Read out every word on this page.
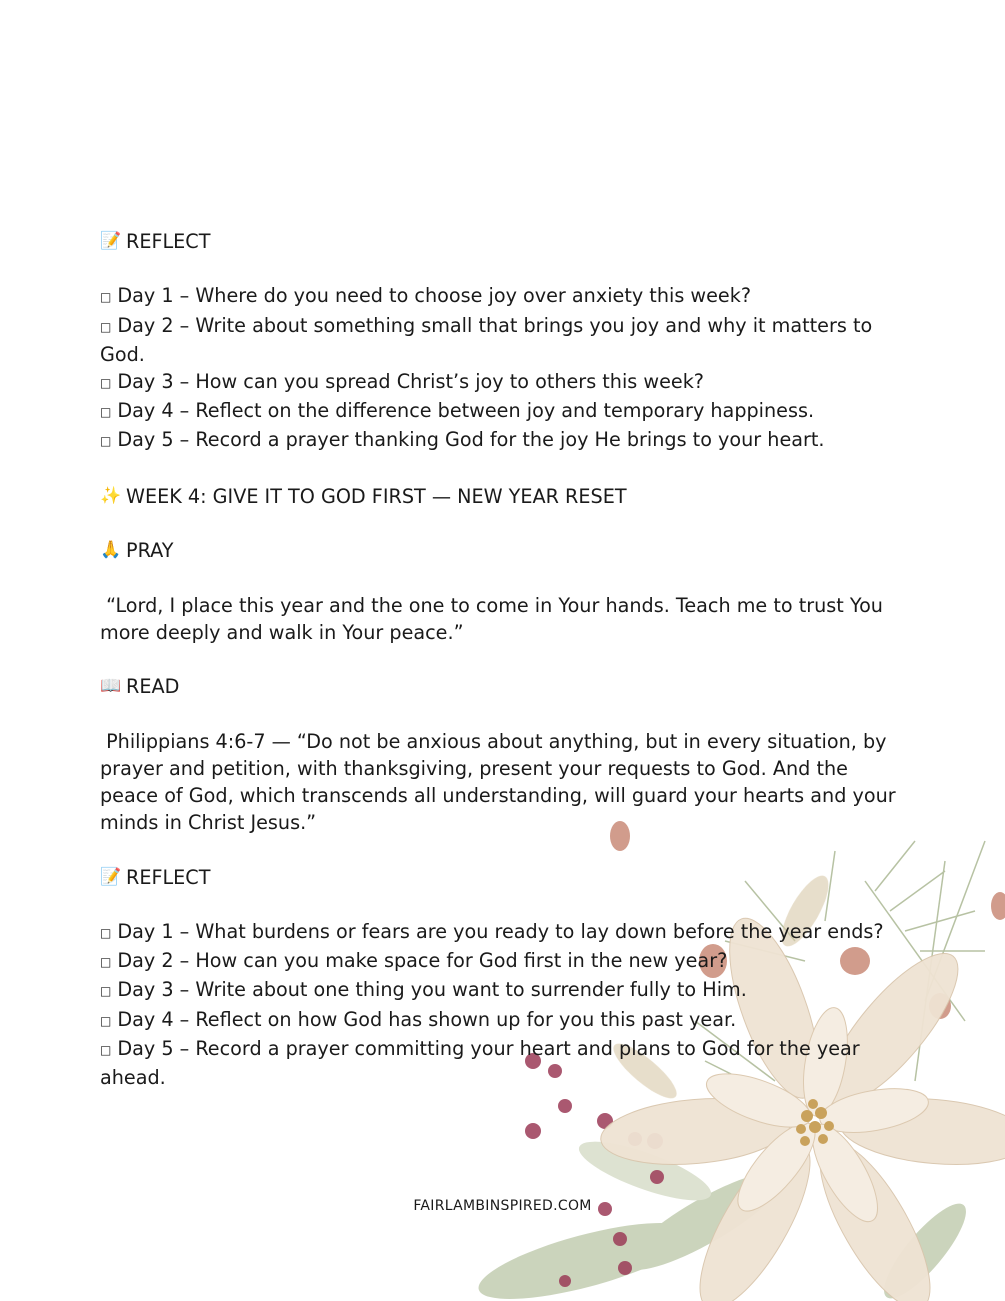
📝 REFLECT
□ Day 1 – Where do you need to choose joy over anxiety this week?
□ Day 2 – Write about something small that brings you joy and why it matters to God.
□ Day 3 – How can you spread Christ’s joy to others this week?
□ Day 4 – Reflect on the difference between joy and temporary happiness.
□ Day 5 – Record a prayer thanking God for the joy He brings to your heart.
✨ WEEK 4: GIVE IT TO GOD FIRST — NEW YEAR RESET
🙏 PRAY
“Lord, I place this year and the one to come in Your hands. Teach me to trust You more deeply and walk in Your peace.”
📖 READ
Philippians 4:6-7 — “Do not be anxious about anything, but in every situation, by prayer and petition, with thanksgiving, present your requests to God. And the peace of God, which transcends all understanding, will guard your hearts and your minds in Christ Jesus.”
📝 REFLECT
□ Day 1 – What burdens or fears are you ready to lay down before the year ends?
□ Day 2 – How can you make space for God first in the new year?
□ Day 3 – Write about one thing you want to surrender fully to Him.
□ Day 4 – Reflect on how God has shown up for you this past year.
□ Day 5 – Record a prayer committing your heart and plans to God for the year ahead.
FAIRLAMBINSPIRED.COM
